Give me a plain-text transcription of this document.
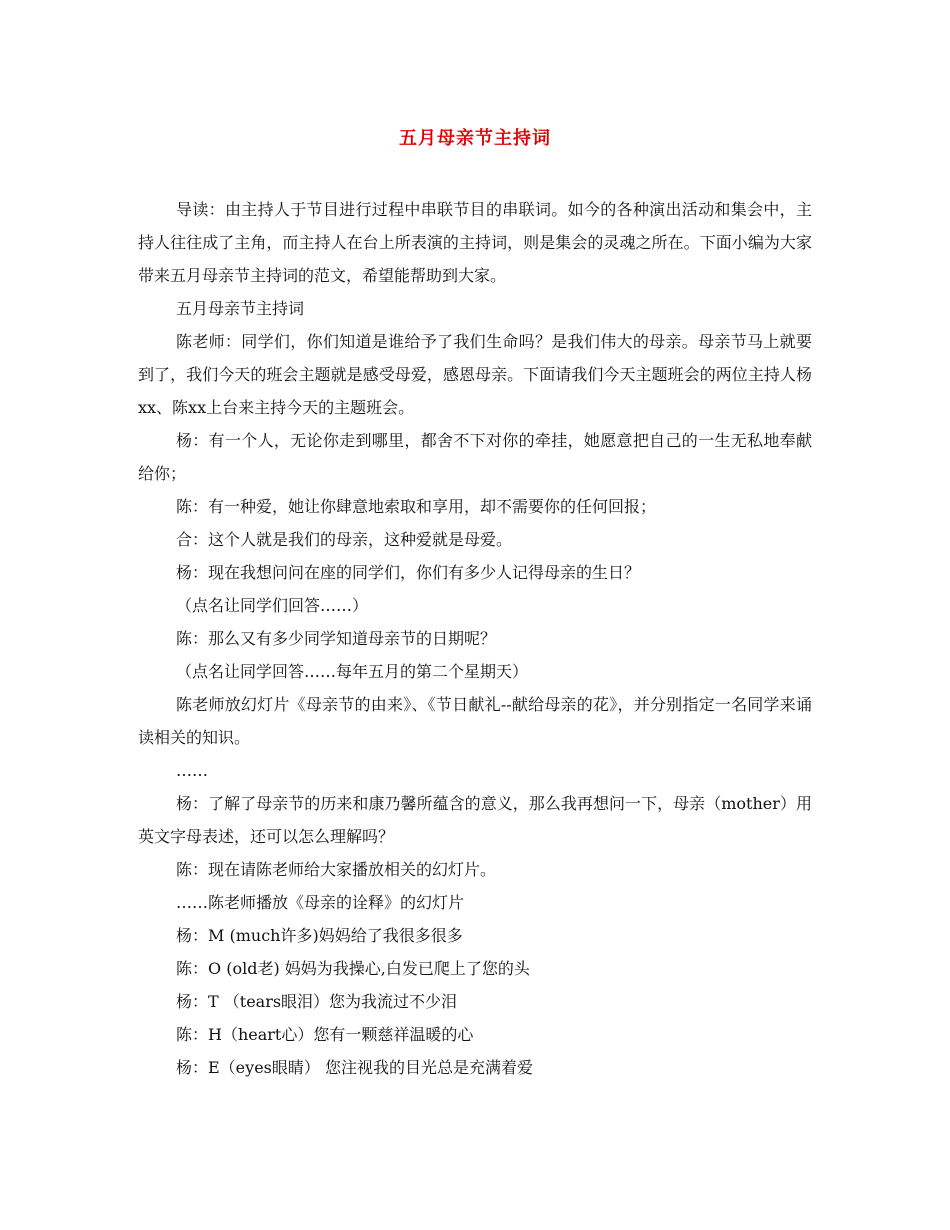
五月母亲节主持词

导读：由主持人于节目进行过程中串联节目的串联词。如今的各种演出活动和集会中，主持人往往成了主角，而主持人在台上所表演的主持词，则是集会的灵魂之所在。下面小编为大家带来五月母亲节主持词的范文，希望能帮助到大家。

五月母亲节主持词

陈老师：同学们，你们知道是谁给予了我们生命吗？是我们伟大的母亲。母亲节马上就要到了，我们今天的班会主题就是感受母爱，感恩母亲。下面请我们今天主题班会的两位主持人杨xx、陈xx上台来主持今天的主题班会。

杨：有一个人，无论你走到哪里，都舍不下对你的牵挂，她愿意把自己的一生无私地奉献给你；

陈：有一种爱，她让你肆意地索取和享用，却不需要你的任何回报；

合：这个人就是我们的母亲，这种爱就是母爱。

杨：现在我想问问在座的同学们，你们有多少人记得母亲的生日？

（点名让同学们回答……）

陈：那么又有多少同学知道母亲节的日期呢？

（点名让同学回答……每年五月的第二个星期天）

陈老师放幻灯片《母亲节的由来》、《节日献礼--献给母亲的花》，并分别指定一名同学来诵读相关的知识。

……

杨：了解了母亲节的历来和康乃馨所蕴含的意义，那么我再想问一下，母亲（mother）用英文字母表述，还可以怎么理解吗？

陈：现在请陈老师给大家播放相关的幻灯片。

……陈老师播放《母亲的诠释》的幻灯片

杨：M (much许多)妈妈给了我很多很多

陈：O (old老) 妈妈为我操心,白发已爬上了您的头

杨：T （tears眼泪）您为我流过不少泪

陈：H（heart心）您有一颗慈祥温暖的心

杨：E（eyes眼睛） 您注视我的目光总是充满着爱
